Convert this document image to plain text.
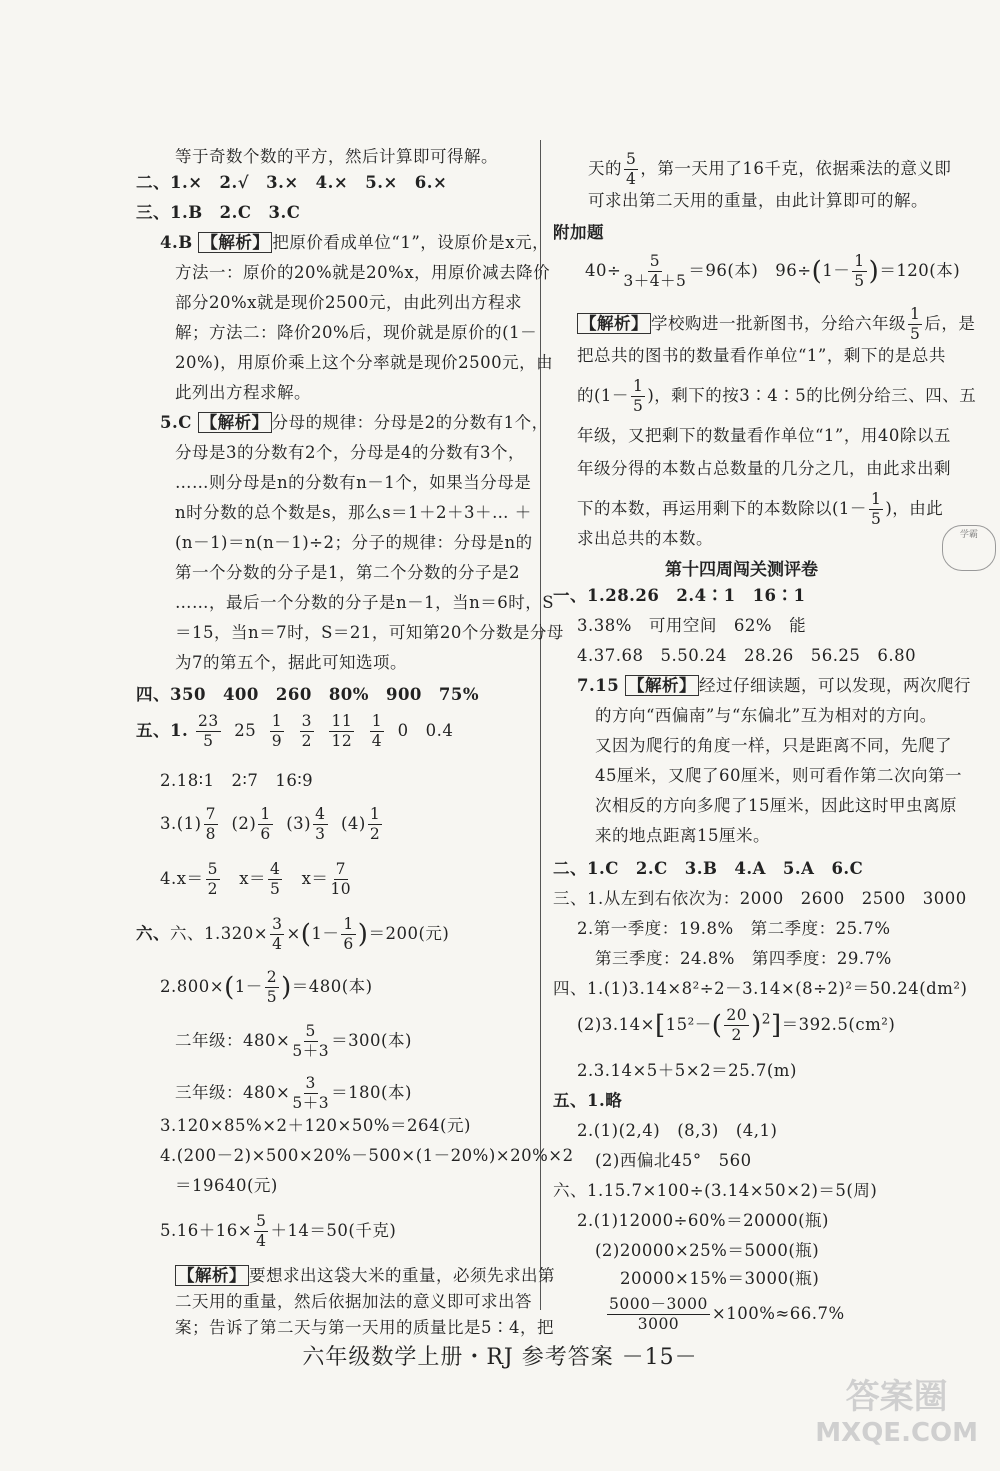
等于奇数个数的平方，然后计算即可得解。
二、1.×　2.√　3.×　4.×　5.×　6.×
三、1.B　2.C　3.C
4.B 【解析】 把原价看成单位“1”，设原价是x元，
方法一：原价的20%就是20%x，用原价减去降价
部分20%x就是现价2500元，由此列出方程求
解；方法二：降价20%后，现价就是原价的(1－
20%)，用原价乘上这个分率就是现价2500元，由
此列出方程求解。
5.C 【解析】 分母的规律：分母是2的分数有1个，
分母是3的分数有2个，分母是4的分数有3个，
……则分母是n的分数有n－1个，如果当分母是
n时分数的总个数是s，那么s＝1＋2＋3＋… ＋
(n－1)＝n(n－1)÷2；分子的规律：分母是n的
第一个分数的分子是1，第二个分数的分子是2
……，最后一个分数的分子是n－1，当n＝6时，S
＝15，当n＝7时，S＝21，可知第20个分数是分母
为7的第五个，据此可知选项。
四、350　400　260　80%　900　75%
五、1. $\frac{23}{5} 25 \frac{1}{9}$
$\frac{3}{2}$
$\frac{11}{12}$
$\frac{1}{4} 0$　0.4
2.18∶1　2∶7　16∶9
$3.(1) \frac{7}{8} (2) \frac{1}{6} (3) \frac{4}{3} (4) \frac{1}{2}$
$4.x= \frac{5}{2} x= \frac{4}{5} x= \frac{7}{10}$
六、六、$1.320\times \frac{3}{4} \times(1- \frac{1}{6} )=200$(元)
$2.800\times(1- \frac{2}{5} )=480$(本)
二年级：$480\times \frac{5}{5+3} =300$(本)
三年级：$480\times \frac{3}{5+3} =180$(本)
3.120×85%×2＋120×50%＝264(元)
4.(200－2)×500×20%－500×(1－20%)×20%×2
＝19640(元)
$5.16+16\times \frac{5}{4} +14=50$(千克)
【解析】 要想求出这袋大米的重量，必须先求出第
二天用的重量，然后依据加法的意义即可求出答
案；告诉了第二天与第一天用的质量比是5∶4，把
天的 $\frac{5}{4}$ ，第一天用了16千克，依据乘法的意义即
可求出第二天用的重量，由此计算即可的解。
附加题
$40\div \frac{5}{3+4+5} =96$(本)　$96\div(1- \frac{1}{5} )=120$(本)
【解析】 学校购进一批新图书，分给六年级 $\frac{1}{5}$ 后，是
把总共的图书的数量看作单位“1”，剩下的是总共
的($1- \frac{1}{5}$ )，剩下的按3∶4∶5的比例分给三、四、五
年级，又把剩下的数量看作单位“1”，用40除以五
年级分得的本数占总数量的几分之几，由此求出剩
下的本数，再运用剩下的本数除以($1- \frac{1}{5}$ )，由此
求出总共的本数。
第十四周闯关测评卷
一、1.28.26　2.4∶1　16∶1
3.38%　可用空间　62%　能
4.37.68　5.50.24　28.26　56.25　6.80
7.15 【解析】 经过仔细读题，可以发现，两次爬行
的方向“西偏南”与“东偏北”互为相对的方向。
又因为爬行的角度一样，只是距离不同，先爬了
45厘米，又爬了60厘米，则可看作第二次向第一
次相反的方向多爬了15厘米，因此这时甲虫离原
来的地点距离15厘米。
二、1.C　2.C　3.B　4.A　5.A　6.C
三、1.从左到右依次为：2000　2600　2500　3000
2.第一季度：19.8%　第二季度：25.7%
第三季度：24.8%　第四季度：29.7%
四、1.(1)3.14×8²÷2－3.14×(8÷2)²＝50.24(dm²)
$(2)3.14\times[15^2-( \frac{20}{2} )^2]=392.5(cm^2)$
2.3.14×5＋5×2＝25.7(m)
五、1.略
2.(1)(2,4)　(8,3)　(4,1)
(2)西偏北45°　560
六、1.15.7×100÷(3.14×50×2)＝5(周)
2.(1)12000÷60%＝20000(瓶)
(2)20000×25%＝5000(瓶)
20000×15%＝3000(瓶)
$\frac{5000-3000}{3000} \times 100\%\approx 66.7\%$
学霸
六年级数学上册・RJ 参考答案 －15－
答案圈
MXQE.COM
